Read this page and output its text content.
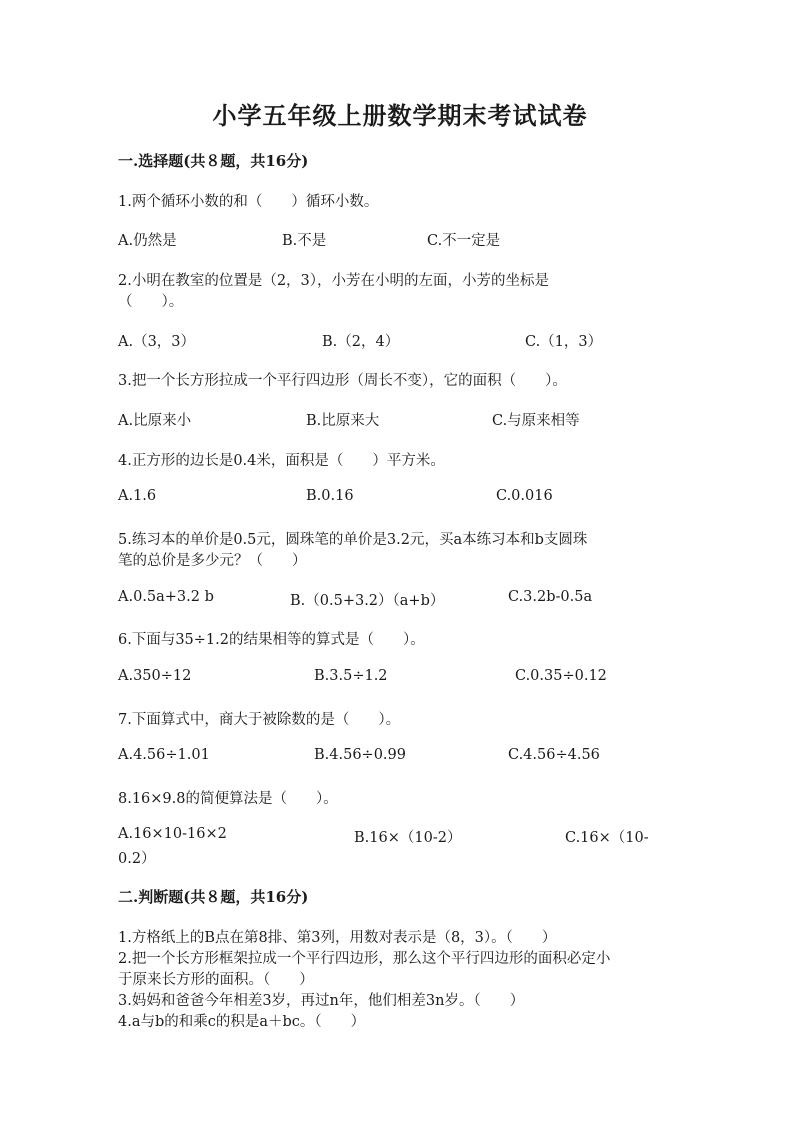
小学五年级上册数学期末考试试卷

一.选择题(共８题，共16分)

1.两个循环小数的和（　　）循环小数。

A.仍然是	B.不是	C.不一定是

2.小明在教室的位置是（2，3），小芳在小明的左面，小芳的坐标是

（　　）。

A.（3，3）	B.（2，4）	C.（1，3）

3.把一个长方形拉成一个平行四边形（周长不变），它的面积（　　）。

A.比原来小	B.比原来大	C.与原来相等

4.正方形的边长是0.4米，面积是（　　）平方米。

A.1.6	B.0.16	C.0.016

5.练习本的单价是0.5元，圆珠笔的单价是3.2元，买a本练习本和b支圆珠

笔的总价是多少元？（　　）

A.0.5a+3.2 b	B.（0.5+3.2）（a+b）	C.3.2b-0.5a

6.下面与35÷1.2的结果相等的算式是（　　）。

A.350÷12	B.3.5÷1.2	C.0.35÷0.12

7.下面算式中，商大于被除数的是（　　）。

A.4.56÷1.01	B.4.56÷0.99	C.4.56÷4.56

8.16×9.8的简便算法是（　　）。

A.16×10-16×2	B.16×（10-2）	C.16×（10-

0.2）

二.判断题(共８题，共16分)

1.方格纸上的B点在第8排、第3列，用数对表示是（8，3）。（　　）

2.把一个长方形框架拉成一个平行四边形，那么这个平行四边形的面积必定小

于原来长方形的面积。（　　）

3.妈妈和爸爸今年相差3岁，再过n年，他们相差3n岁。（　　）

4.a与b的和乘c的积是a＋bc。（　　）
